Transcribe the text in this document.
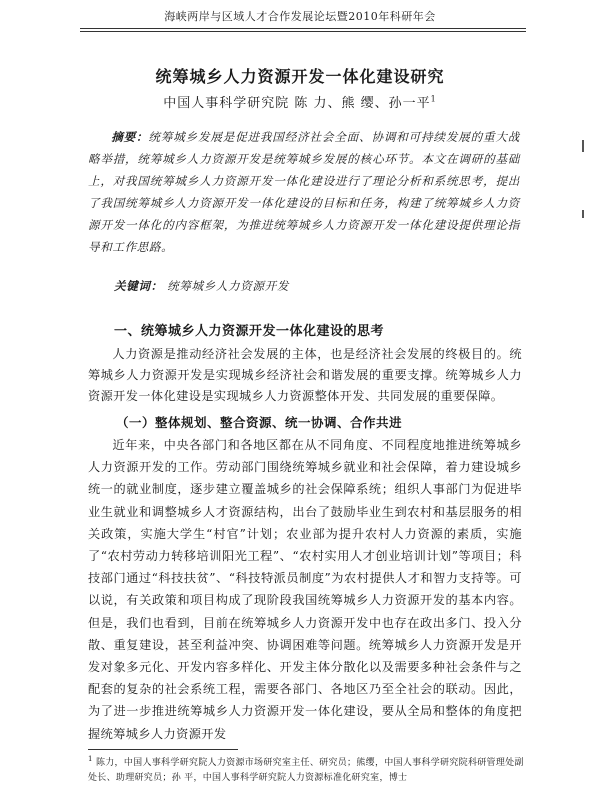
海峡两岸与区域人才合作发展论坛暨2010年科研年会
统筹城乡人力资源开发一体化建设研究
中国人事科学研究院 陈 力、熊 缨、孙一平$^1$
摘要：统筹城乡发展是促进我国经济社会全面、协调和可持续发展的重大战略举措，统筹城乡人力资源开发是统筹城乡发展的核心环节。本文在调研的基础上，对我国统筹城乡人力资源开发一体化建设进行了理论分析和系统思考，提出了我国统筹城乡人力资源开发一体化建设的目标和任务，构建了统筹城乡人力资源开发一体化的内容框架，为推进统筹城乡人力资源开发一体化建设提供理论指导和工作思路。
关键词： 统筹城乡人力资源开发
一、统筹城乡人力资源开发一体化建设的思考
人力资源是推动经济社会发展的主体，也是经济社会发展的终极目的。统筹城乡人力资源开发是实现城乡经济社会和谐发展的重要支撑。统筹城乡人力资源开发一体化建设是实现城乡人力资源整体开发、共同发展的重要保障。
（一）整体规划、整合资源、统一协调、合作共进
近年来，中央各部门和各地区都在从不同角度、不同程度地推进统筹城乡人力资源开发的工作。劳动部门围绕统筹城乡就业和社会保障，着力建设城乡统一的就业制度，逐步建立覆盖城乡的社会保障系统；组织人事部门为促进毕业生就业和调整城乡人才资源结构，出台了鼓励毕业生到农村和基层服务的相关政策，实施大学生“村官”计划；农业部为提升农村人力资源的素质，实施了“农村劳动力转移培训阳光工程”、“农村实用人才创业培训计划”等项目；科技部门通过“科技扶贫”、“科技特派员制度”为农村提供人才和智力支持等。可以说，有关政策和项目构成了现阶段我国统筹城乡人力资源开发的基本内容。但是，我们也看到，目前在统筹城乡人力资源开发中也存在政出多门、投入分散、重复建设，甚至利益冲突、协调困难等问题。统筹城乡人力资源开发是开发对象多元化、开发内容多样化、开发主体分散化以及需要多种社会条件与之配套的复杂的社会系统工程，需要各部门、各地区乃至全社会的联动。因此，为了进一步推进统筹城乡人力资源开发一体化建设，要从全局和整体的角度把握统筹城乡人力资源开发
$^1$ 陈力，中国人事科学研究院人力资源市场研究室主任、研究员；熊缨，中国人事科学研究院科研管理处副处长、助理研究员；孙 平，中国人事科学研究院人力资源标准化研究室，博士
